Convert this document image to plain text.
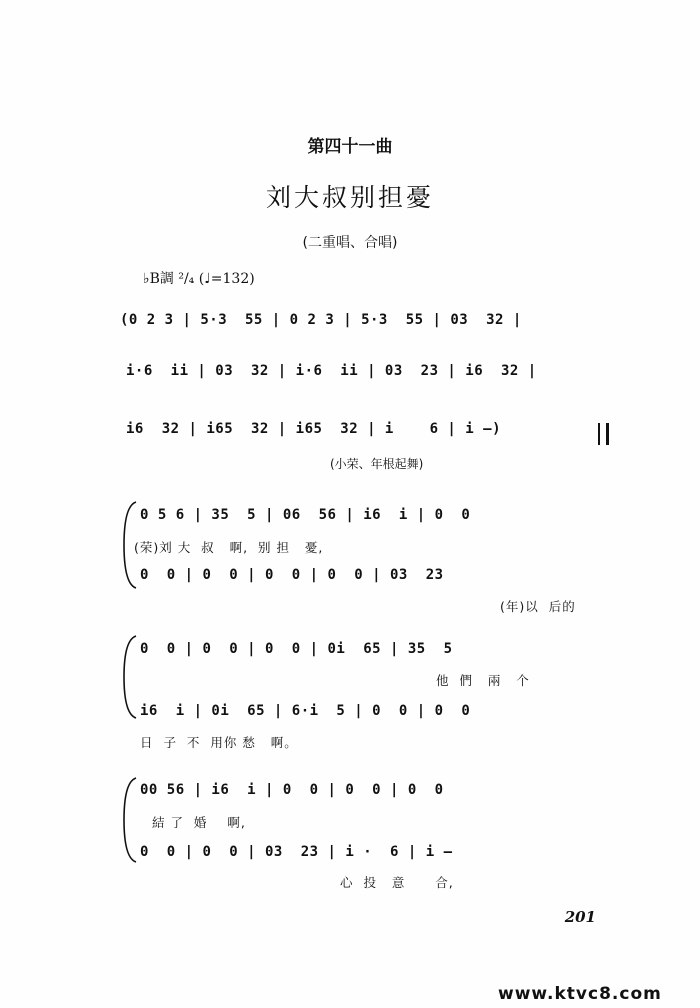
第四十一曲
刘大叔别担憂
(二重唱、合唱)
♭B調 ²/₄ (♩=132)
(0 2 3 | 5·3  55 | 0 2 3 | 5·3  55 | 03  32 |
i·6  ii | 03  32 | i·6  ii | 03  23 | i6  32 |
i6  32 | i65  32 | i65  32 | i    6 | i —)
(小荣、年根起舞)
0 5 6 | 35  5 | 06  56 | i6  i | 0  0
(荣)刘 大  叔   啊,  别 担   憂,
0  0 | 0  0 | 0  0 | 0  0 | 03  23
(年)以  后的
0  0 | 0  0 | 0  0 | 0i  65 | 35  5
他  們   兩   个
i6  i | 0i  65 | 6·i  5 | 0  0 | 0  0
日  子  不  用你 愁   啊。
00 56 | i6  i | 0  0 | 0  0 | 0  0
結 了  婚    啊,
0  0 | 0  0 | 03  23 | i ·  6 | i —
心  投   意      合,
201
www.ktvc8.com
